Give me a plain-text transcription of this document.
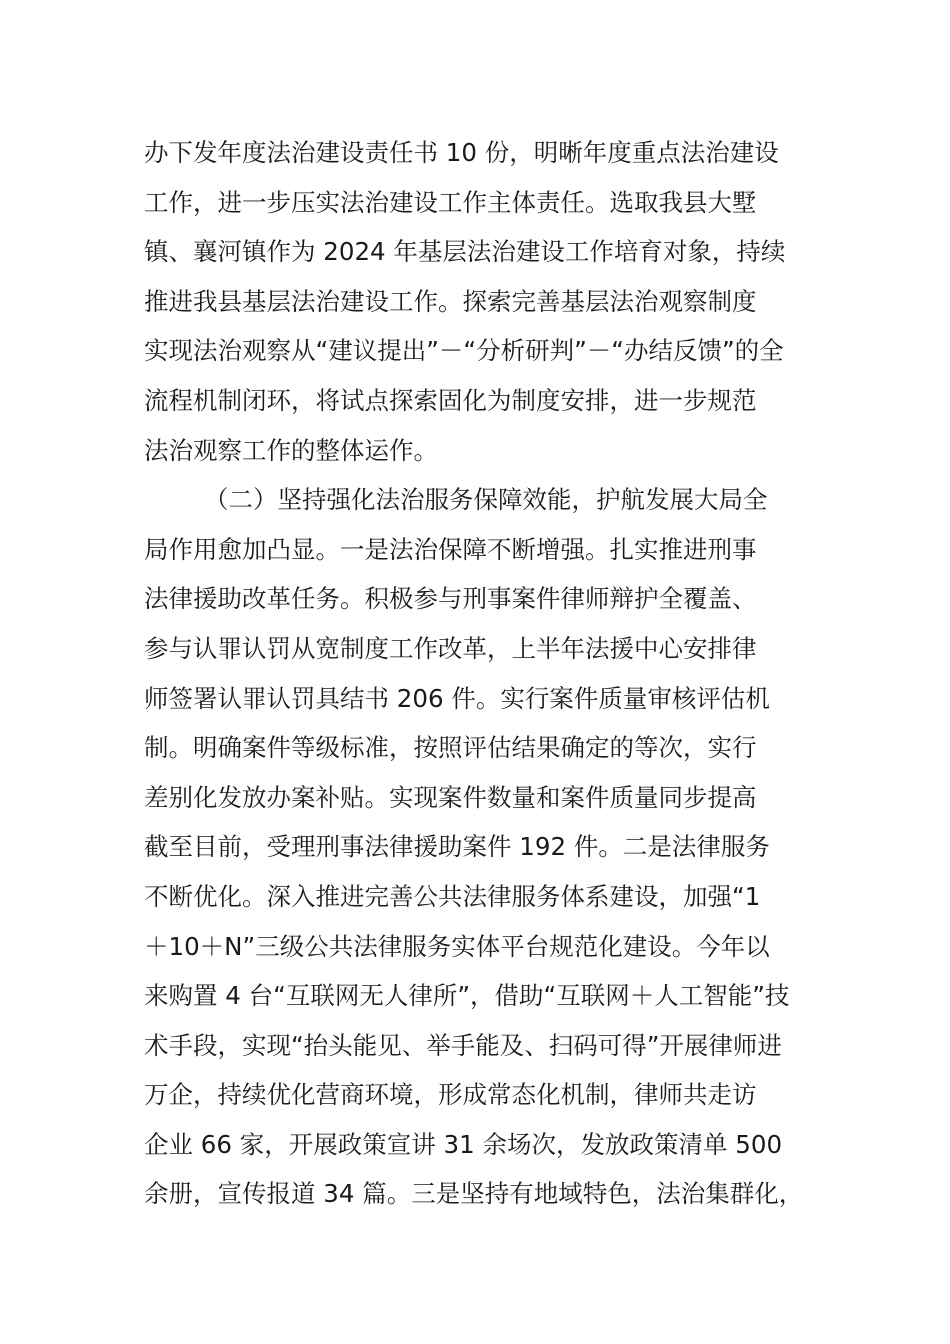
办下发年度法治建设责任书 10 份，明晰年度重点法治建设
工作，进一步压实法治建设工作主体责任。选取我县大墅
镇、襄河镇作为 2024 年基层法治建设工作培育对象，持续
推进我县基层法治建设工作。探索完善基层法治观察制度
实现法治观察从“建议提出”－“分析研判”－“办结反馈”的全
流程机制闭环，将试点探索固化为制度安排，进一步规范
法治观察工作的整体运作。
（二）坚持强化法治服务保障效能，护航发展大局全
局作用愈加凸显。一是法治保障不断增强。扎实推进刑事
法律援助改革任务。积极参与刑事案件律师辩护全覆盖、
参与认罪认罚从宽制度工作改革，上半年法援中心安排律
师签署认罪认罚具结书 206 件。实行案件质量审核评估机
制。明确案件等级标准，按照评估结果确定的等次，实行
差别化发放办案补贴。实现案件数量和案件质量同步提高
截至目前，受理刑事法律援助案件 192 件。二是法律服务
不断优化。深入推进完善公共法律服务体系建设，加强“1
＋10＋N”三级公共法律服务实体平台规范化建设。今年以
来购置 4 台“互联网无人律所”，借助“互联网＋人工智能”技
术手段，实现“抬头能见、举手能及、扫码可得”开展律师进
万企，持续优化营商环境，形成常态化机制，律师共走访
企业 66 家，开展政策宣讲 31 余场次，发放政策清单 500
余册，宣传报道 34 篇。三是坚持有地域特色，法治集群化，
